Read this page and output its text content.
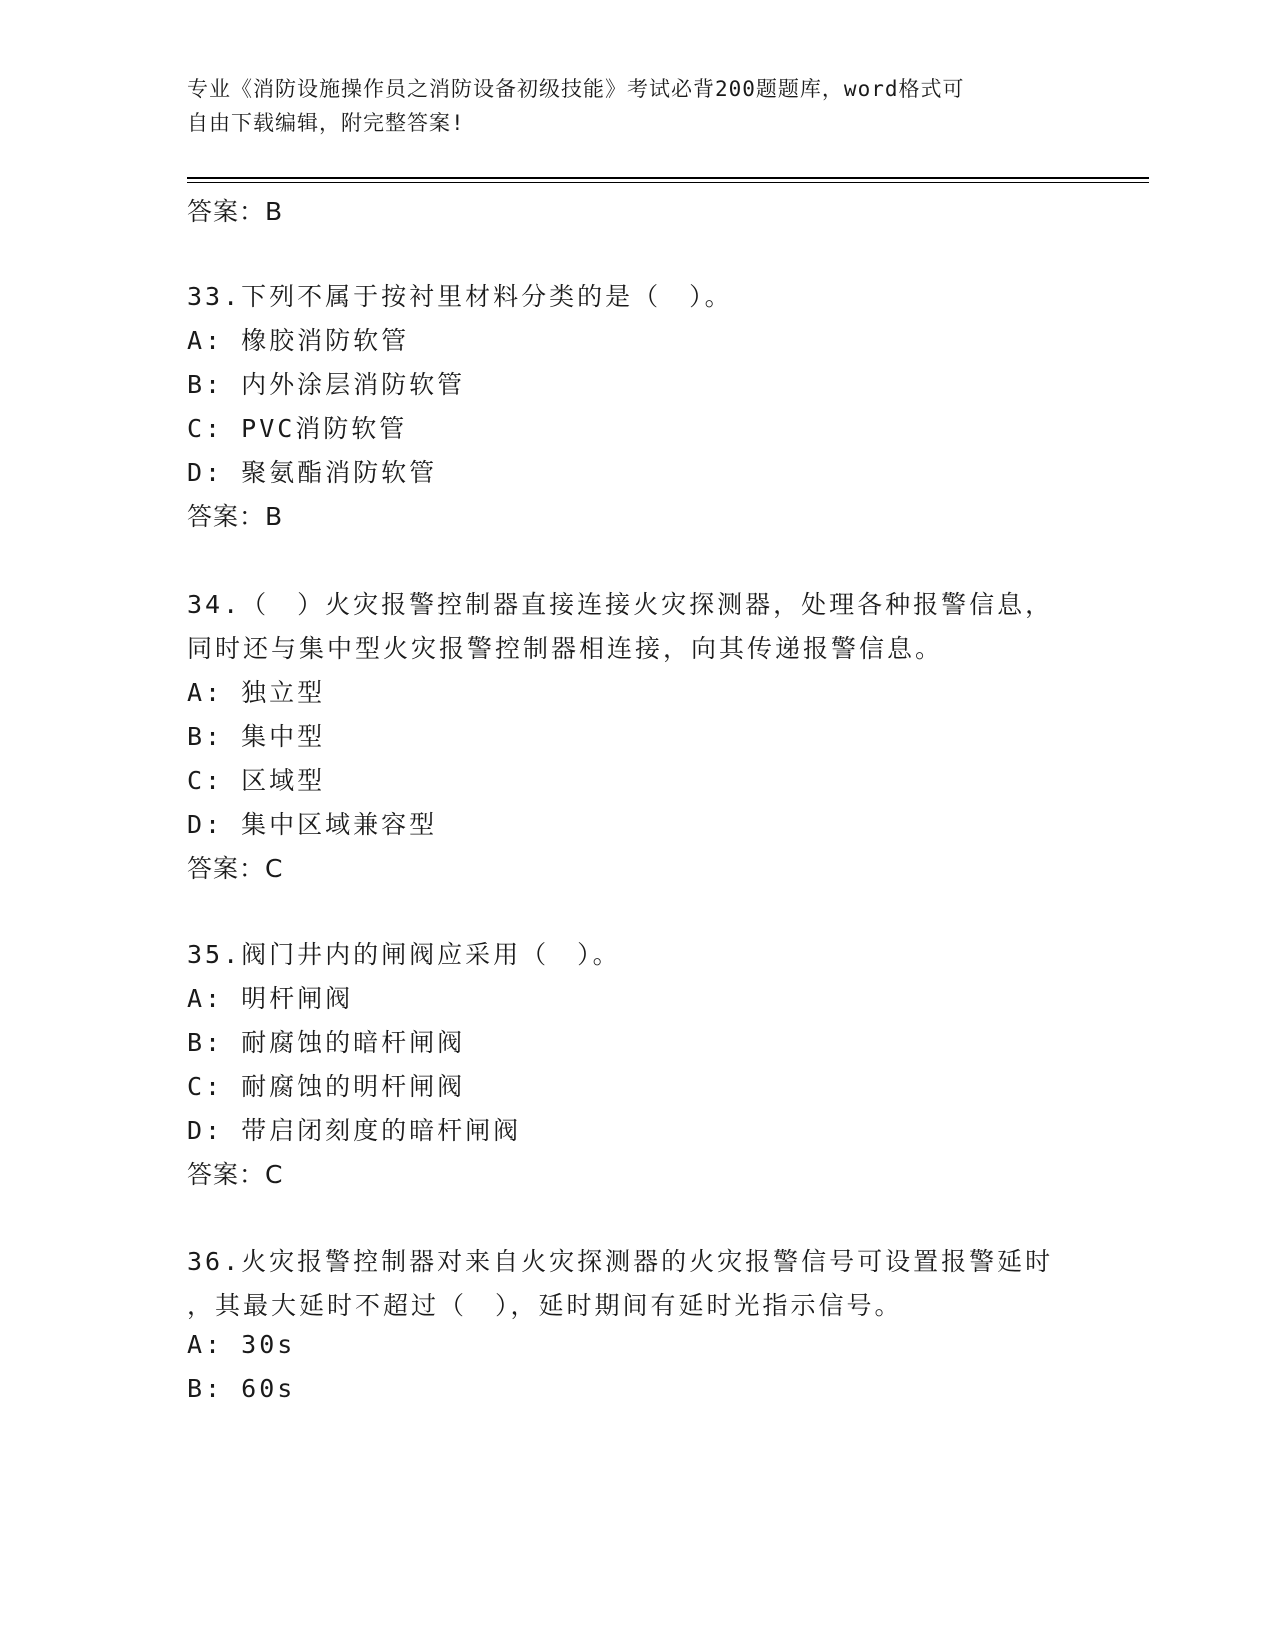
专业《消防设施操作员之消防设备初级技能》考试必背200题题库，word格式可
自由下载编辑，附完整答案!
答案：B
33.下列不属于按衬里材料分类的是（　）。
A: 橡胶消防软管
B: 内外涂层消防软管
C: PVC消防软管
D: 聚氨酯消防软管
答案：B
34.（　）火灾报警控制器直接连接火灾探测器，处理各种报警信息，
同时还与集中型火灾报警控制器相连接，向其传递报警信息。
A: 独立型
B: 集中型
C: 区域型
D: 集中区域兼容型
答案：C
35.阀门井内的闸阀应采用（　）。
A: 明杆闸阀
B: 耐腐蚀的暗杆闸阀
C: 耐腐蚀的明杆闸阀
D: 带启闭刻度的暗杆闸阀
答案：C
36.火灾报警控制器对来自火灾探测器的火灾报警信号可设置报警延时
，其最大延时不超过（　），延时期间有延时光指示信号。
A: 30s
B: 60s
